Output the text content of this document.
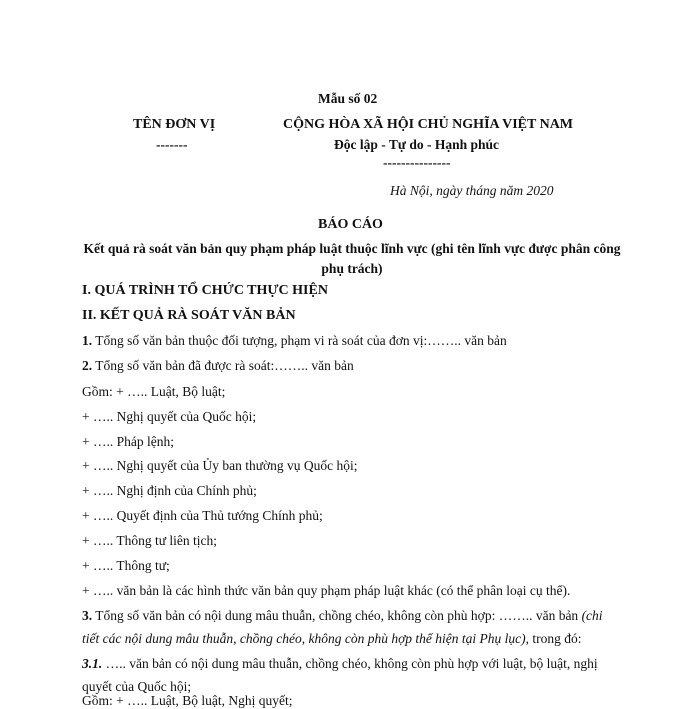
Mẫu số 02
TÊN ĐƠN VỊ
-------
CỘNG HÒA XÃ HỘI CHỦ NGHĨA VIỆT NAM
Độc lập - Tự do - Hạnh phúc
---------------
Hà Nội, ngày tháng năm 2020
BÁO CÁO
Kết quả rà soát văn bản quy phạm pháp luật thuộc lĩnh vực (ghi tên lĩnh vực được phân công phụ trách)
I. QUÁ TRÌNH TỔ CHỨC THỰC HIỆN
II. KẾT QUẢ RÀ SOÁT VĂN BẢN
1. Tổng số văn bản thuộc đối tượng, phạm vi rà soát của đơn vị:…….. văn bản
2. Tổng số văn bản đã được rà soát:…….. văn bản
Gồm: + ….. Luật, Bộ luật;
+ ….. Nghị quyết của Quốc hội;
+ ….. Pháp lệnh;
+ ….. Nghị quyết của Ủy ban thường vụ Quốc hội;
+ ….. Nghị định của Chính phủ;
+ ….. Quyết định của Thủ tướng Chính phủ;
+ ….. Thông tư liên tịch;
+ ….. Thông tư;
+ ….. văn bản là các hình thức văn bản quy phạm pháp luật khác (có thể phân loại cụ thể).
3. Tổng số văn bản có nội dung mâu thuẫn, chồng chéo, không còn phù hợp: …….. văn bản (chi tiết các nội dung mâu thuẫn, chồng chéo, không còn phù hợp thể hiện tại Phụ lục), trong đó:
3.1. ….. văn bản có nội dung mâu thuẫn, chồng chéo, không còn phù hợp với luật, bộ luật, nghị quyết của Quốc hội;
Gồm: + ….. Luật, Bộ luật, Nghị quyết;
